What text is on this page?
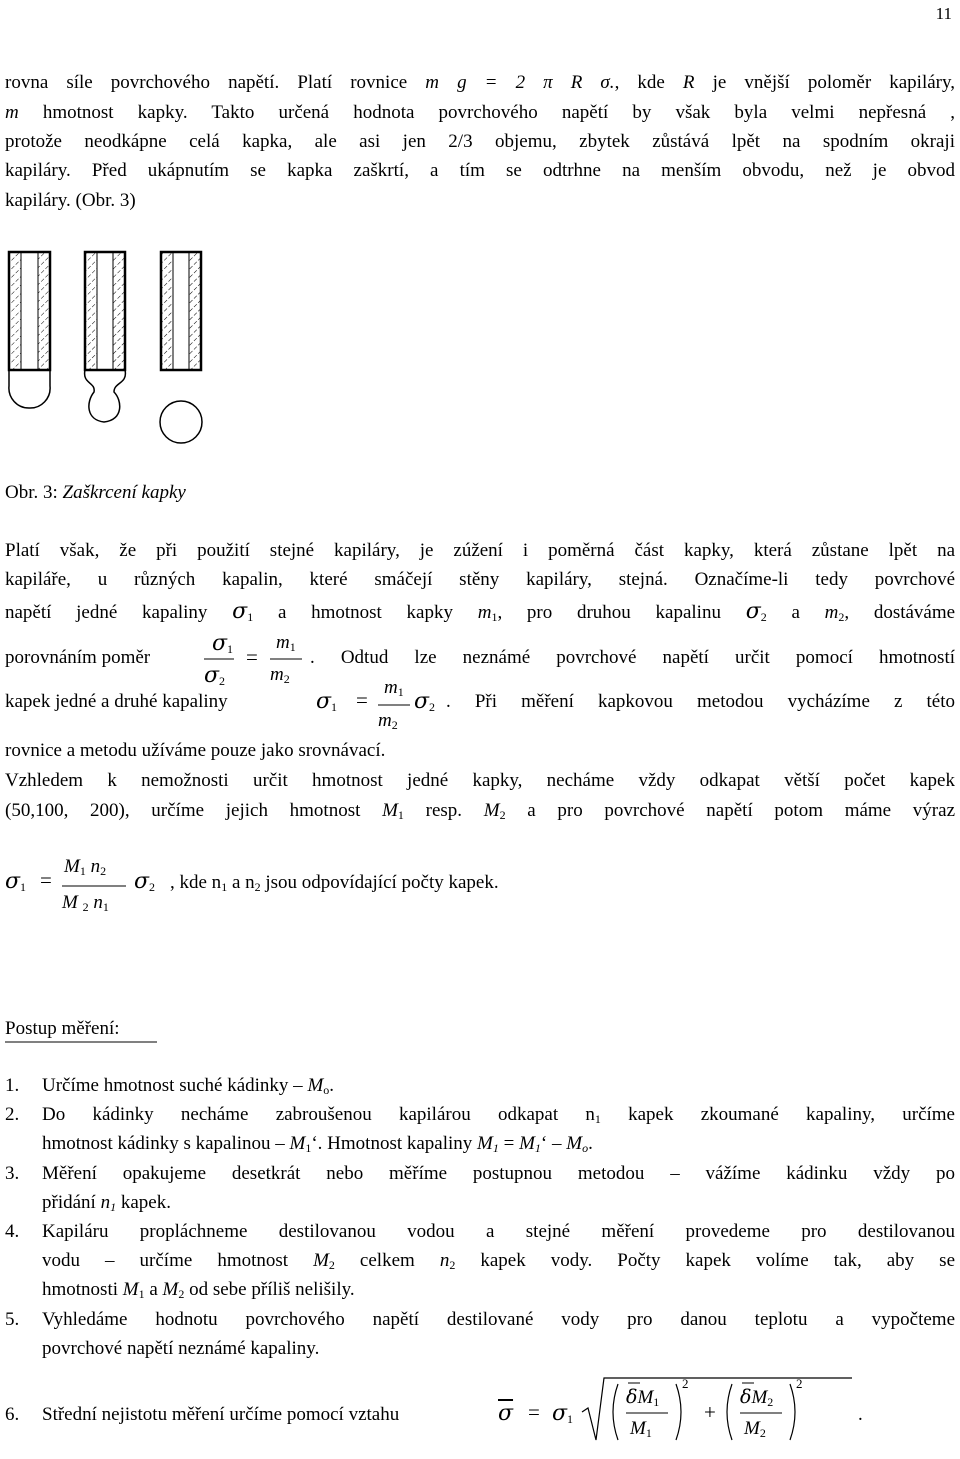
11
rovna síle povrchového napětí. Platí rovnice m g = 2 π R σ., kde R je vnější poloměr kapiláry,
m hmotnost kapky. Takto určená hodnota povrchového napětí by však byla velmi nepřesná ,
protože neodkápne celá kapka, ale asi jen 2/3 objemu, zbytek zůstává lpět na spodním okraji
kapiláry. Před ukápnutím se kapka zaškrtí, a tím se odtrhne na menším obvodu, než je obvod
kapiláry. (Obr. 3)
Obr. 3: Zaškrcení kapky
Platí však, že při použití stejné kapiláry, je zúžení i poměrná část kapky, která zůstane lpět na
kapiláře, u různých kapalin, které smáčejí stěny kapiláry, stejná. Označíme-li tedy povrchové
napětí jedné kapaliny $\sigma_1$ a hmotnost kapky $m_1$, pro druhou kapalinu $\sigma_2$ a $m_2$, dostáváme
porovnáním poměr
$\sigma_1$
$\sigma_2$
=
$m_1$
$m_2$
. Odtud lze neznámé povrchové napětí určit pomocí hmotností
kapek jedné a druhé kapaliny	$\sigma_1$ =
$m_1$
$m_2$
$\sigma_2$ . Při měření kapkovou metodou vycházíme z této
rovnice a metodu užíváme pouze jako srovnávací.
Vzhledem k nemožnosti určit hmotnost jedné kapky, necháme vždy odkapat větší počet kapek
(50,100, 200), určíme jejich hmotnost $M_1$ resp. $M_2$ a pro povrchové napětí potom máme výraz
$\sigma_1$ =
$M_1$ $n_2$
M $_2$ $n_1$
$\sigma_2$ , kde $n_1$ a $n_2$ jsou odpovídající počty kapek.
Postup měření:
1. Určíme hmotnost suché kádinky – $M_o$.
2. Do kádinky necháme zabroušenou kapilárou odkapat $n_1$ kapek zkoumané kapaliny, určíme
hmotnost kádinky s kapalinou – $M_1‘$. Hmotnost kapaliny $M_1$ = $M_1‘ - M_o$.
3. Měření opakujeme desetkrát nebo měříme postupnou metodou – vážíme kádinku vždy po
přidání $n_1$ kapek.
4. Kapiláru propláchneme destilovanou vodou a stejné měření provedeme pro destilovanou
vodu – určíme hmotnost $M_2$ celkem $n_2$ kapek vody. Počty kapek volíme tak, aby se
hmotnosti $M_1$ a $M_2$ od sebe příliš nelišily.
5. Vyhledáme hodnotu povrchového napětí destilované vody pro danou teplotu a vypočteme
povrchové napětí neznámé kapaliny.
6. Střední nejistotu měření určíme pomocí vztahu	$\overline{\sigma} = \sigma_1$
$\delta M_1$
$M_1$
2
+
$\delta M_2$
$M_2$
2
.
